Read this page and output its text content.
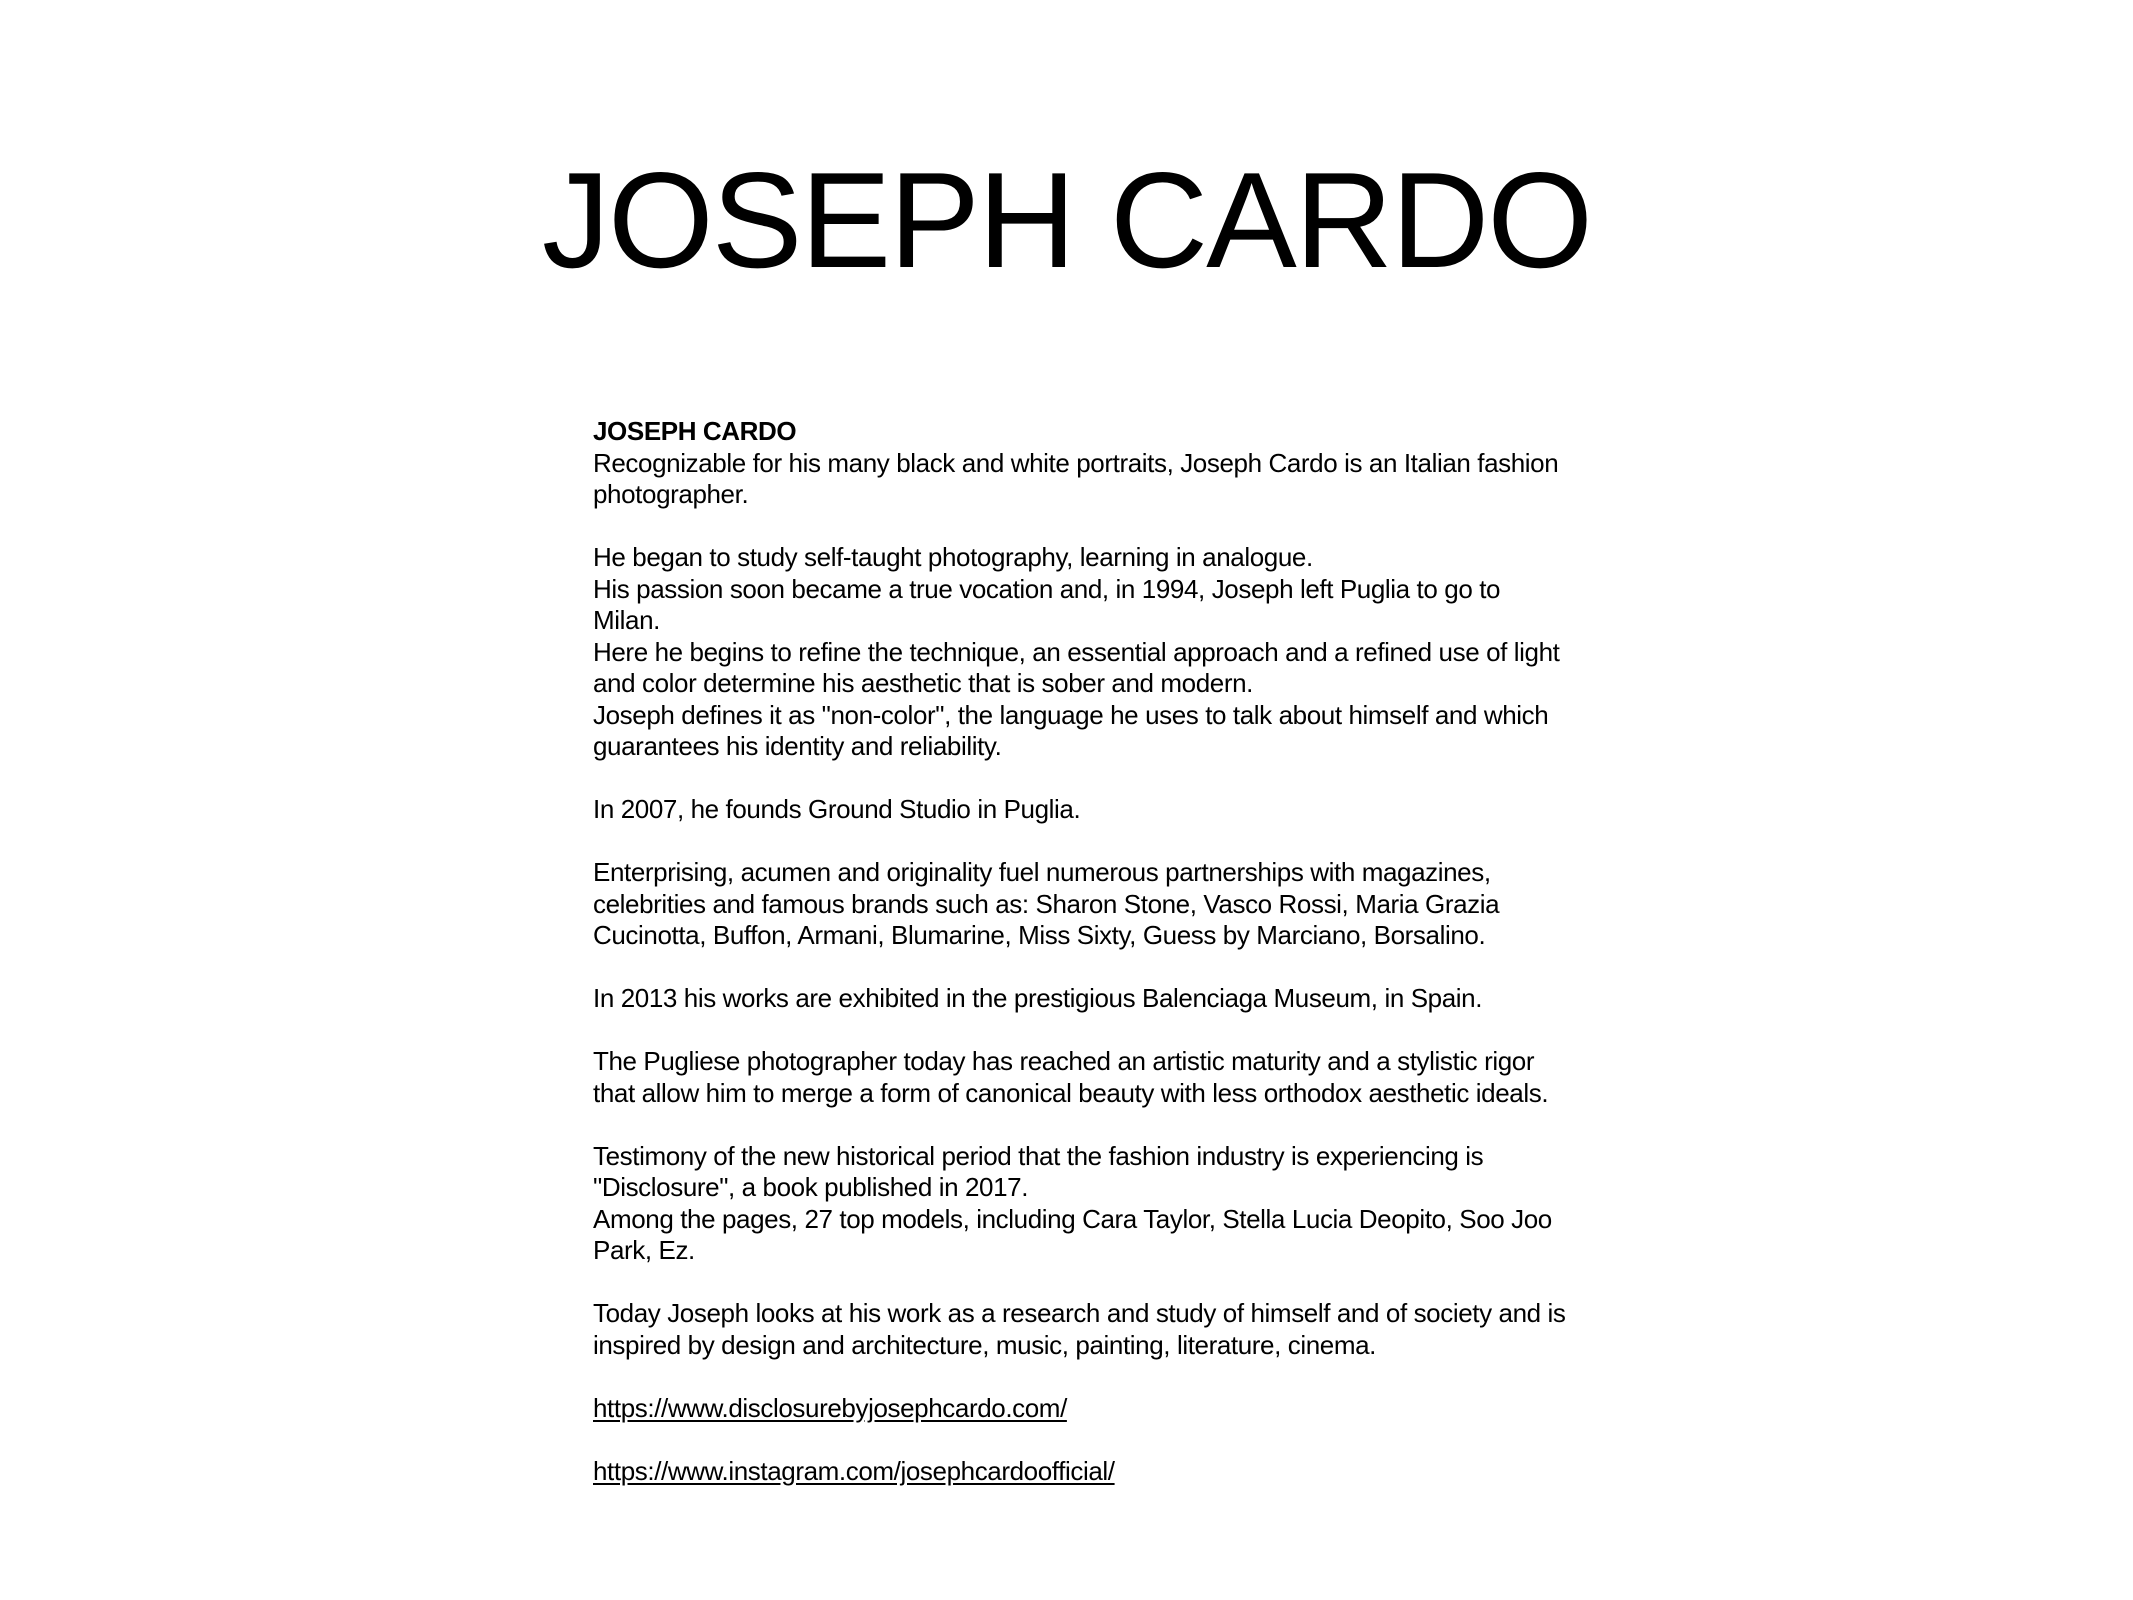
JOSEPH CARDO
JOSEPH CARDO
Recognizable for his many black and white portraits, Joseph Cardo is an Italian fashion photographer.
He began to study self-taught photography, learning in analogue.
His passion soon became a true vocation and, in 1994, Joseph left Puglia to go to Milan.
Here he begins to refine the technique, an essential approach and a refined use of light and color determine his aesthetic that is sober and modern.
Joseph defines it as "non-color", the language he uses to talk about himself and which guarantees his identity and reliability.
In 2007, he founds Ground Studio in Puglia.
Enterprising, acumen and originality fuel numerous partnerships with magazines, celebrities and famous brands such as: Sharon Stone, Vasco Rossi, Maria Grazia Cucinotta, Buffon, Armani, Blumarine, Miss Sixty, Guess by Marciano, Borsalino.
In 2013 his works are exhibited in the prestigious Balenciaga Museum, in Spain.
The Pugliese photographer today has reached an artistic maturity and a stylistic rigor that allow him to merge a form of canonical beauty with less orthodox aesthetic ideals.
Testimony of the new historical period that the fashion industry is experiencing is "Disclosure", a book published in 2017.
Among the pages, 27 top models, including Cara Taylor, Stella Lucia Deopito, Soo Joo Park, Ez.
Today Joseph looks at his work as a research and study of himself and of society and is inspired by design and architecture, music, painting, literature, cinema.
https://www.disclosurebyjosephcardo.com/
https://www.instagram.com/josephcardoofficial/
